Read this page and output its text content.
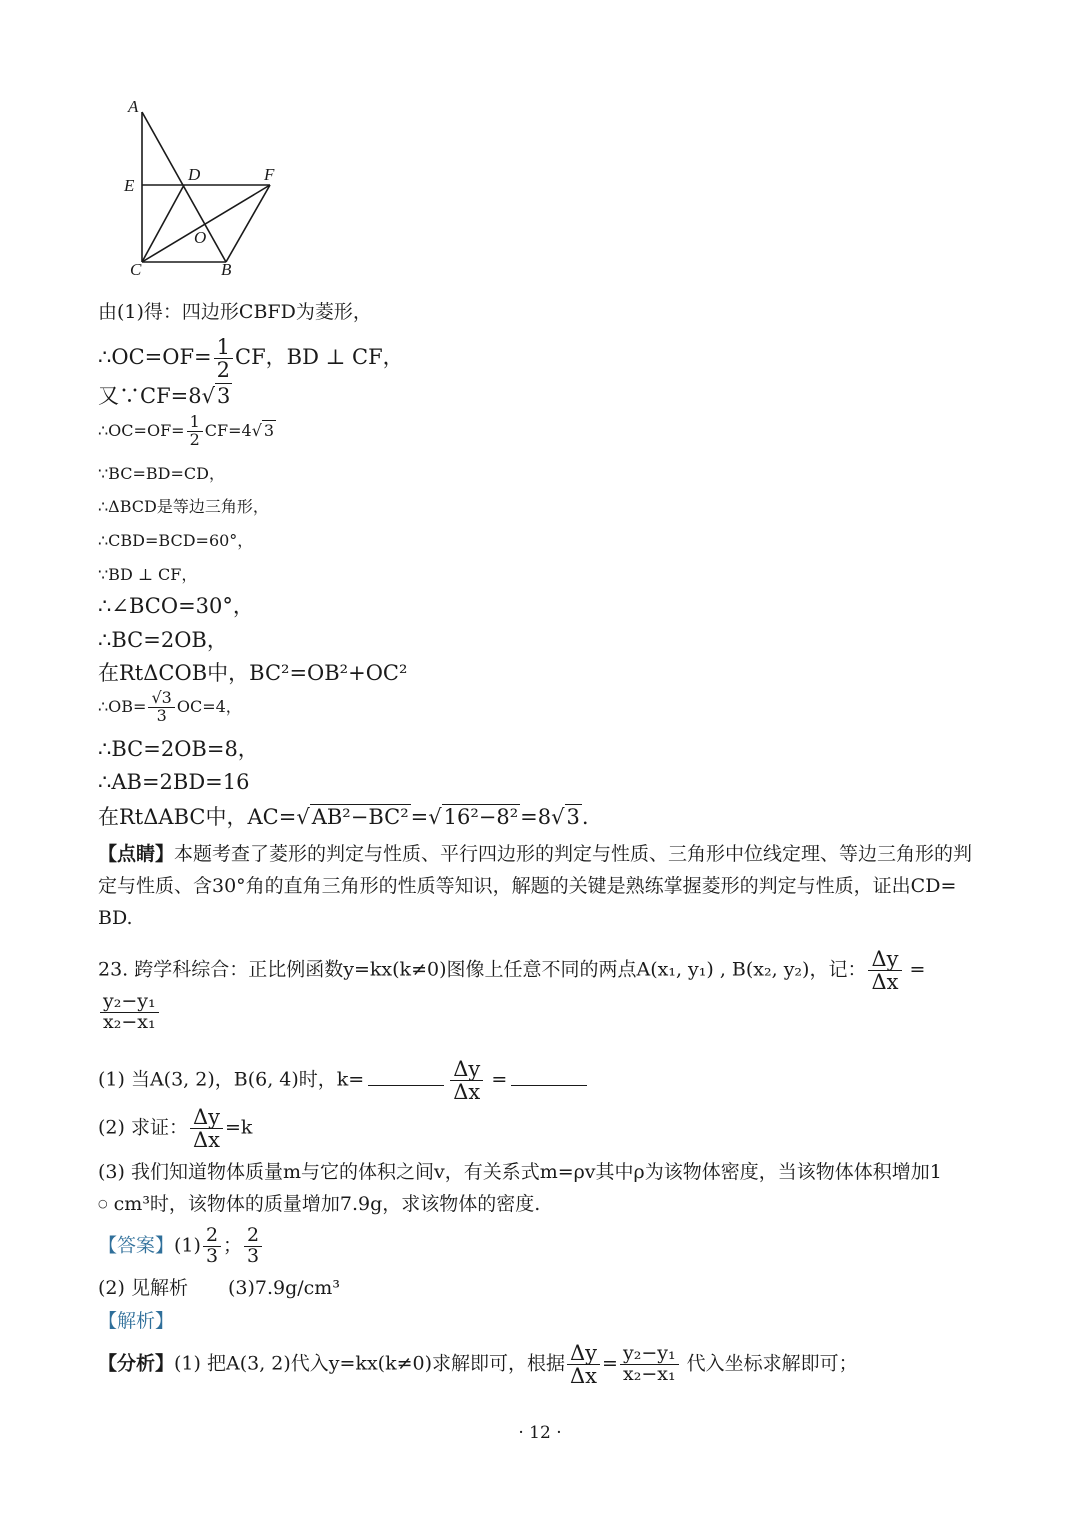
A
E
D	F
O
C	B
由(1)得：四边形CBFD为菱形，
∴OC=OF= $\frac{1}{2}$ CF，BD ⊥ CF，
又∵CF=8√3
∴OC=OF= $\frac{1}{2} CF=4√$ 3
∵BC=BD=CD，
∴ΔBCD是等边三角形，
∴CBD=BCD=60°，
∵BD ⊥ CF，
∴∠BCO=30°，
∴BC=2OB，
在RtΔCOB中，BC²=OB²+OC²
∴OB= $\frac{√3}{3} OC=4$，
∴BC=2OB=8，
∴AB=2BD=16
在RtΔABC中，AC=√AB²−BC²=√16²−8²=8√3.
【点睛】本题考查了菱形的判定与性质、平行四边形的判定与性质、三角形中位线定理、等边三角形的判
定与性质、含30°角的直角三角形的性质等知识，解题的关键是熟练掌握菱形的判定与性质，证出CD=
BD.
23. 跨学科综合：正比例函数y=kx(k≠0)图像上任意不同的两点A(x₁, y₁) , B(x₂, y₂)，记： $\frac{\Delta y}{\Delta x}$ =
$\frac{\text{y₂−y₁}}{\text{x₂−x₁}}$
(1) 当A(3, 2)，B(6, 4)时，k=	$\frac{\Delta y}{\Delta x}$ =
(2) 求证： $\frac{\Delta y}{\Delta x} =k$
(3) 我们知道物体质量m与它的体积之间v，有关系式m=ρv其中ρ为该物体密度，当该物体体积增加1
○ cm³时，该物体的质量增加7.9g，求该物体的密度.
【答案】$(1) \frac{2}{3}$ ； $\frac{2}{3}$
(2) 见解析 (3)7.9g/cm³
【解析】
【分析】(1) 把A(3, 2)代入y=kx(k≠0)求解即可，根据 $\frac{\Delta y}{\Delta x} = \frac{\text{y₂−y₁}}{\text{x₂−x₁}}$ 代入坐标求解即可；
· 12 ·
